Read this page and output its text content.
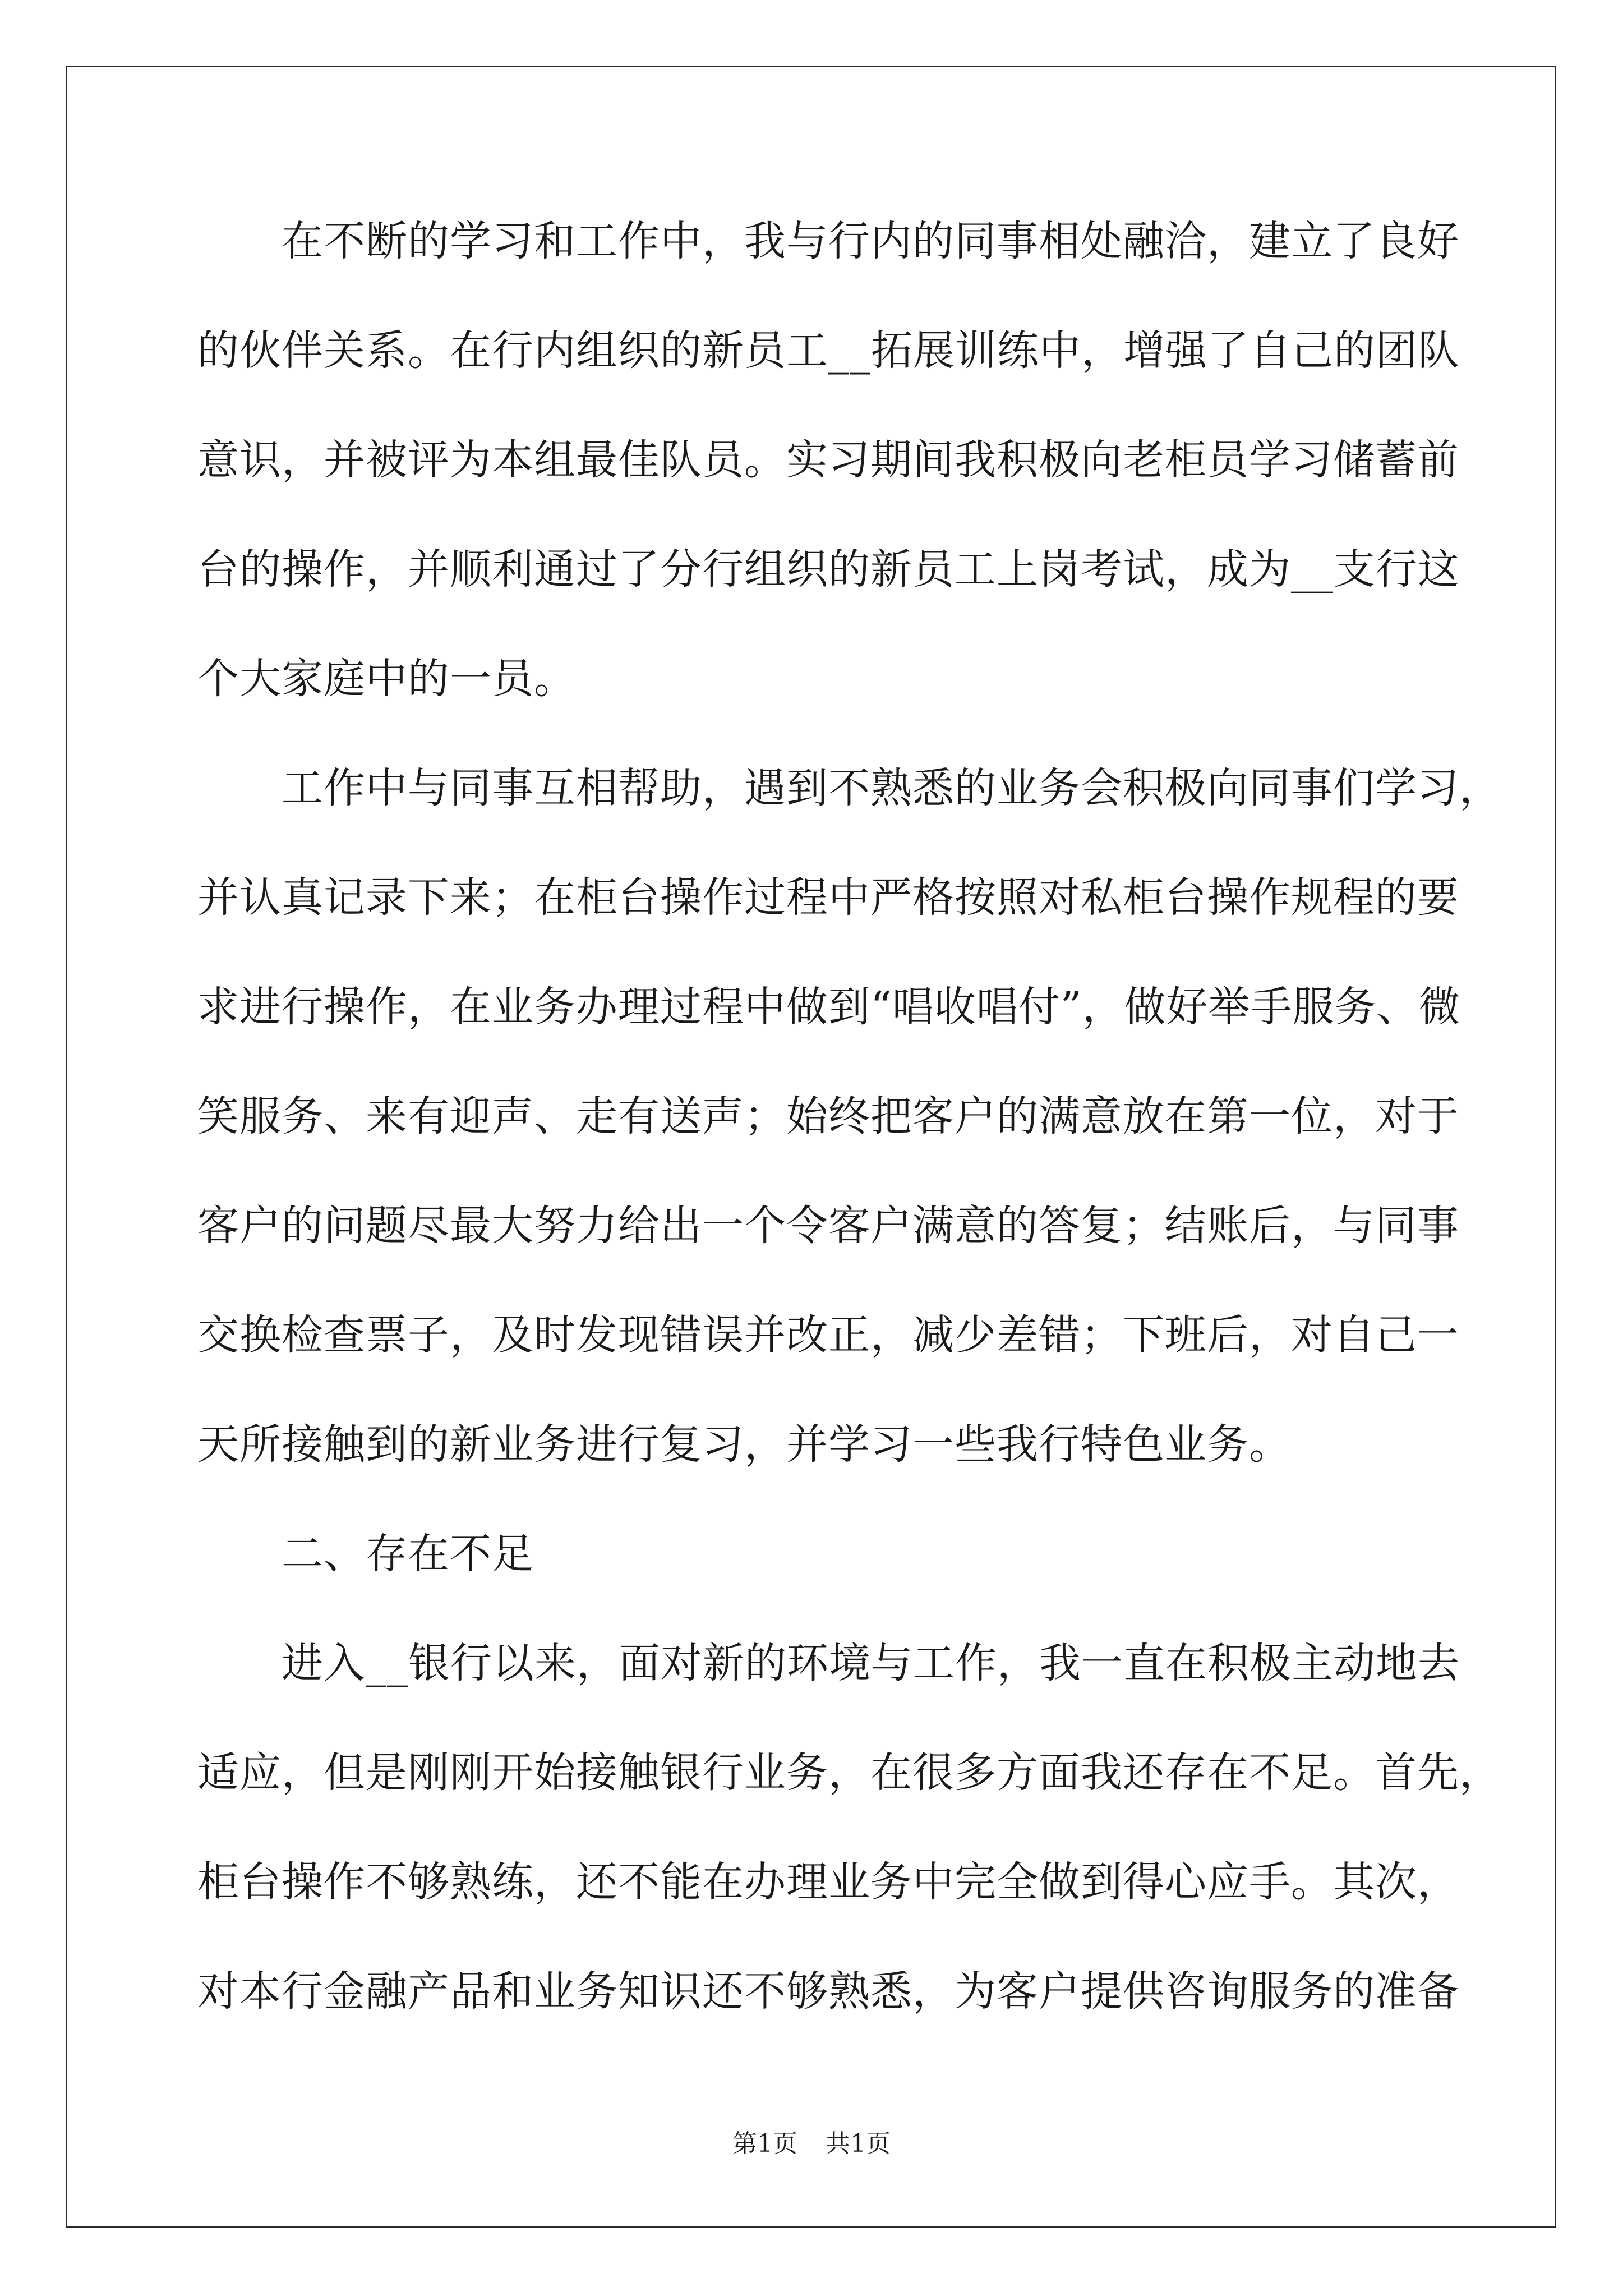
在不断的学习和工作中，我与行内的同事相处融洽，建立了良好
的伙伴关系。在行内组织的新员工__拓展训练中，增强了自己的团队
意识，并被评为本组最佳队员。实习期间我积极向老柜员学习储蓄前
台的操作，并顺利通过了分行组织的新员工上岗考试，成为__支行这
个大家庭中的一员。
工作中与同事互相帮助，遇到不熟悉的业务会积极向同事们学习，
并认真记录下来；在柜台操作过程中严格按照对私柜台操作规程的要
求进行操作，在业务办理过程中做到“唱收唱付”，做好举手服务、微
笑服务、来有迎声、走有送声；始终把客户的满意放在第一位，对于
客户的问题尽最大努力给出一个令客户满意的答复；结账后，与同事
交换检查票子，及时发现错误并改正，减少差错；下班后，对自己一
天所接触到的新业务进行复习，并学习一些我行特色业务。
二、存在不足
进入__银行以来，面对新的环境与工作，我一直在积极主动地去
适应，但是刚刚开始接触银行业务，在很多方面我还存在不足。首先，
柜台操作不够熟练，还不能在办理业务中完全做到得心应手。其次，
对本行金融产品和业务知识还不够熟悉，为客户提供咨询服务的准备
第1页 共1页
